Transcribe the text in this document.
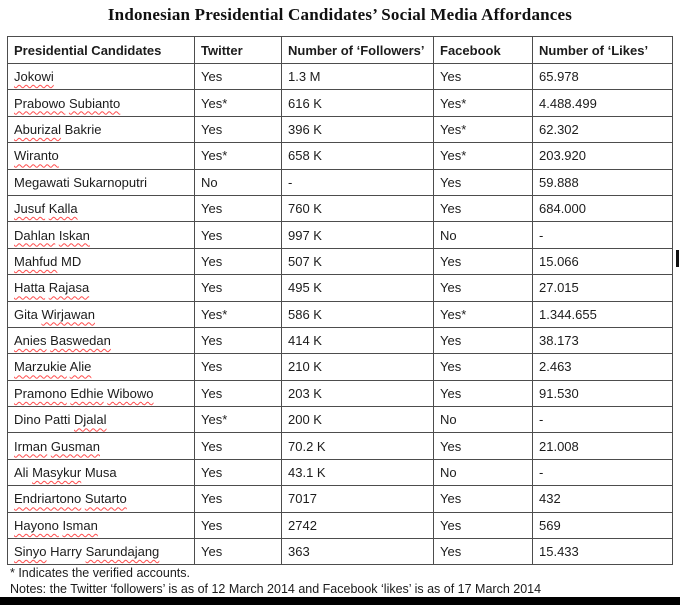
Indonesian Presidential Candidates’ Social Media Affordances
Presidential Candidates	Twitter	Number of ‘Followers’	Facebook	Number of ‘Likes’
Jokowi	Yes	1.3 M	Yes	65.978
Prabowo Subianto	Yes*	616 K	Yes*	4.488.499
Aburizal Bakrie	Yes	396 K	Yes*	62.302
Wiranto	Yes*	658 K	Yes*	203.920
Megawati Sukarnoputri	No	-	Yes	59.888
Jusuf Kalla	Yes	760 K	Yes	684.000
Dahlan Iskan	Yes	997 K	No	-
Mahfud MD	Yes	507 K	Yes	15.066
Hatta Rajasa	Yes	495 K	Yes	27.015
Gita Wirjawan	Yes*	586 K	Yes*	1.344.655
Anies Baswedan	Yes	414 K	Yes	38.173
Marzukie Alie	Yes	210 K	Yes	2.463
Pramono Edhie Wibowo	Yes	203 K	Yes	91.530
Dino Patti Djalal	Yes*	200 K	No	-
Irman Gusman	Yes	70.2 K	Yes	21.008
Ali Masykur Musa	Yes	43.1 K	No	-
Endriartono Sutarto	Yes	7017	Yes	432
Hayono Isman	Yes	2742	Yes	569
Sinyo Harry Sarundajang	Yes	363	Yes	15.433
* Indicates the verified accounts.
Notes: the Twitter ‘followers’ is as of 12 March 2014 and Facebook ‘likes’ is as of 17 March 2014
